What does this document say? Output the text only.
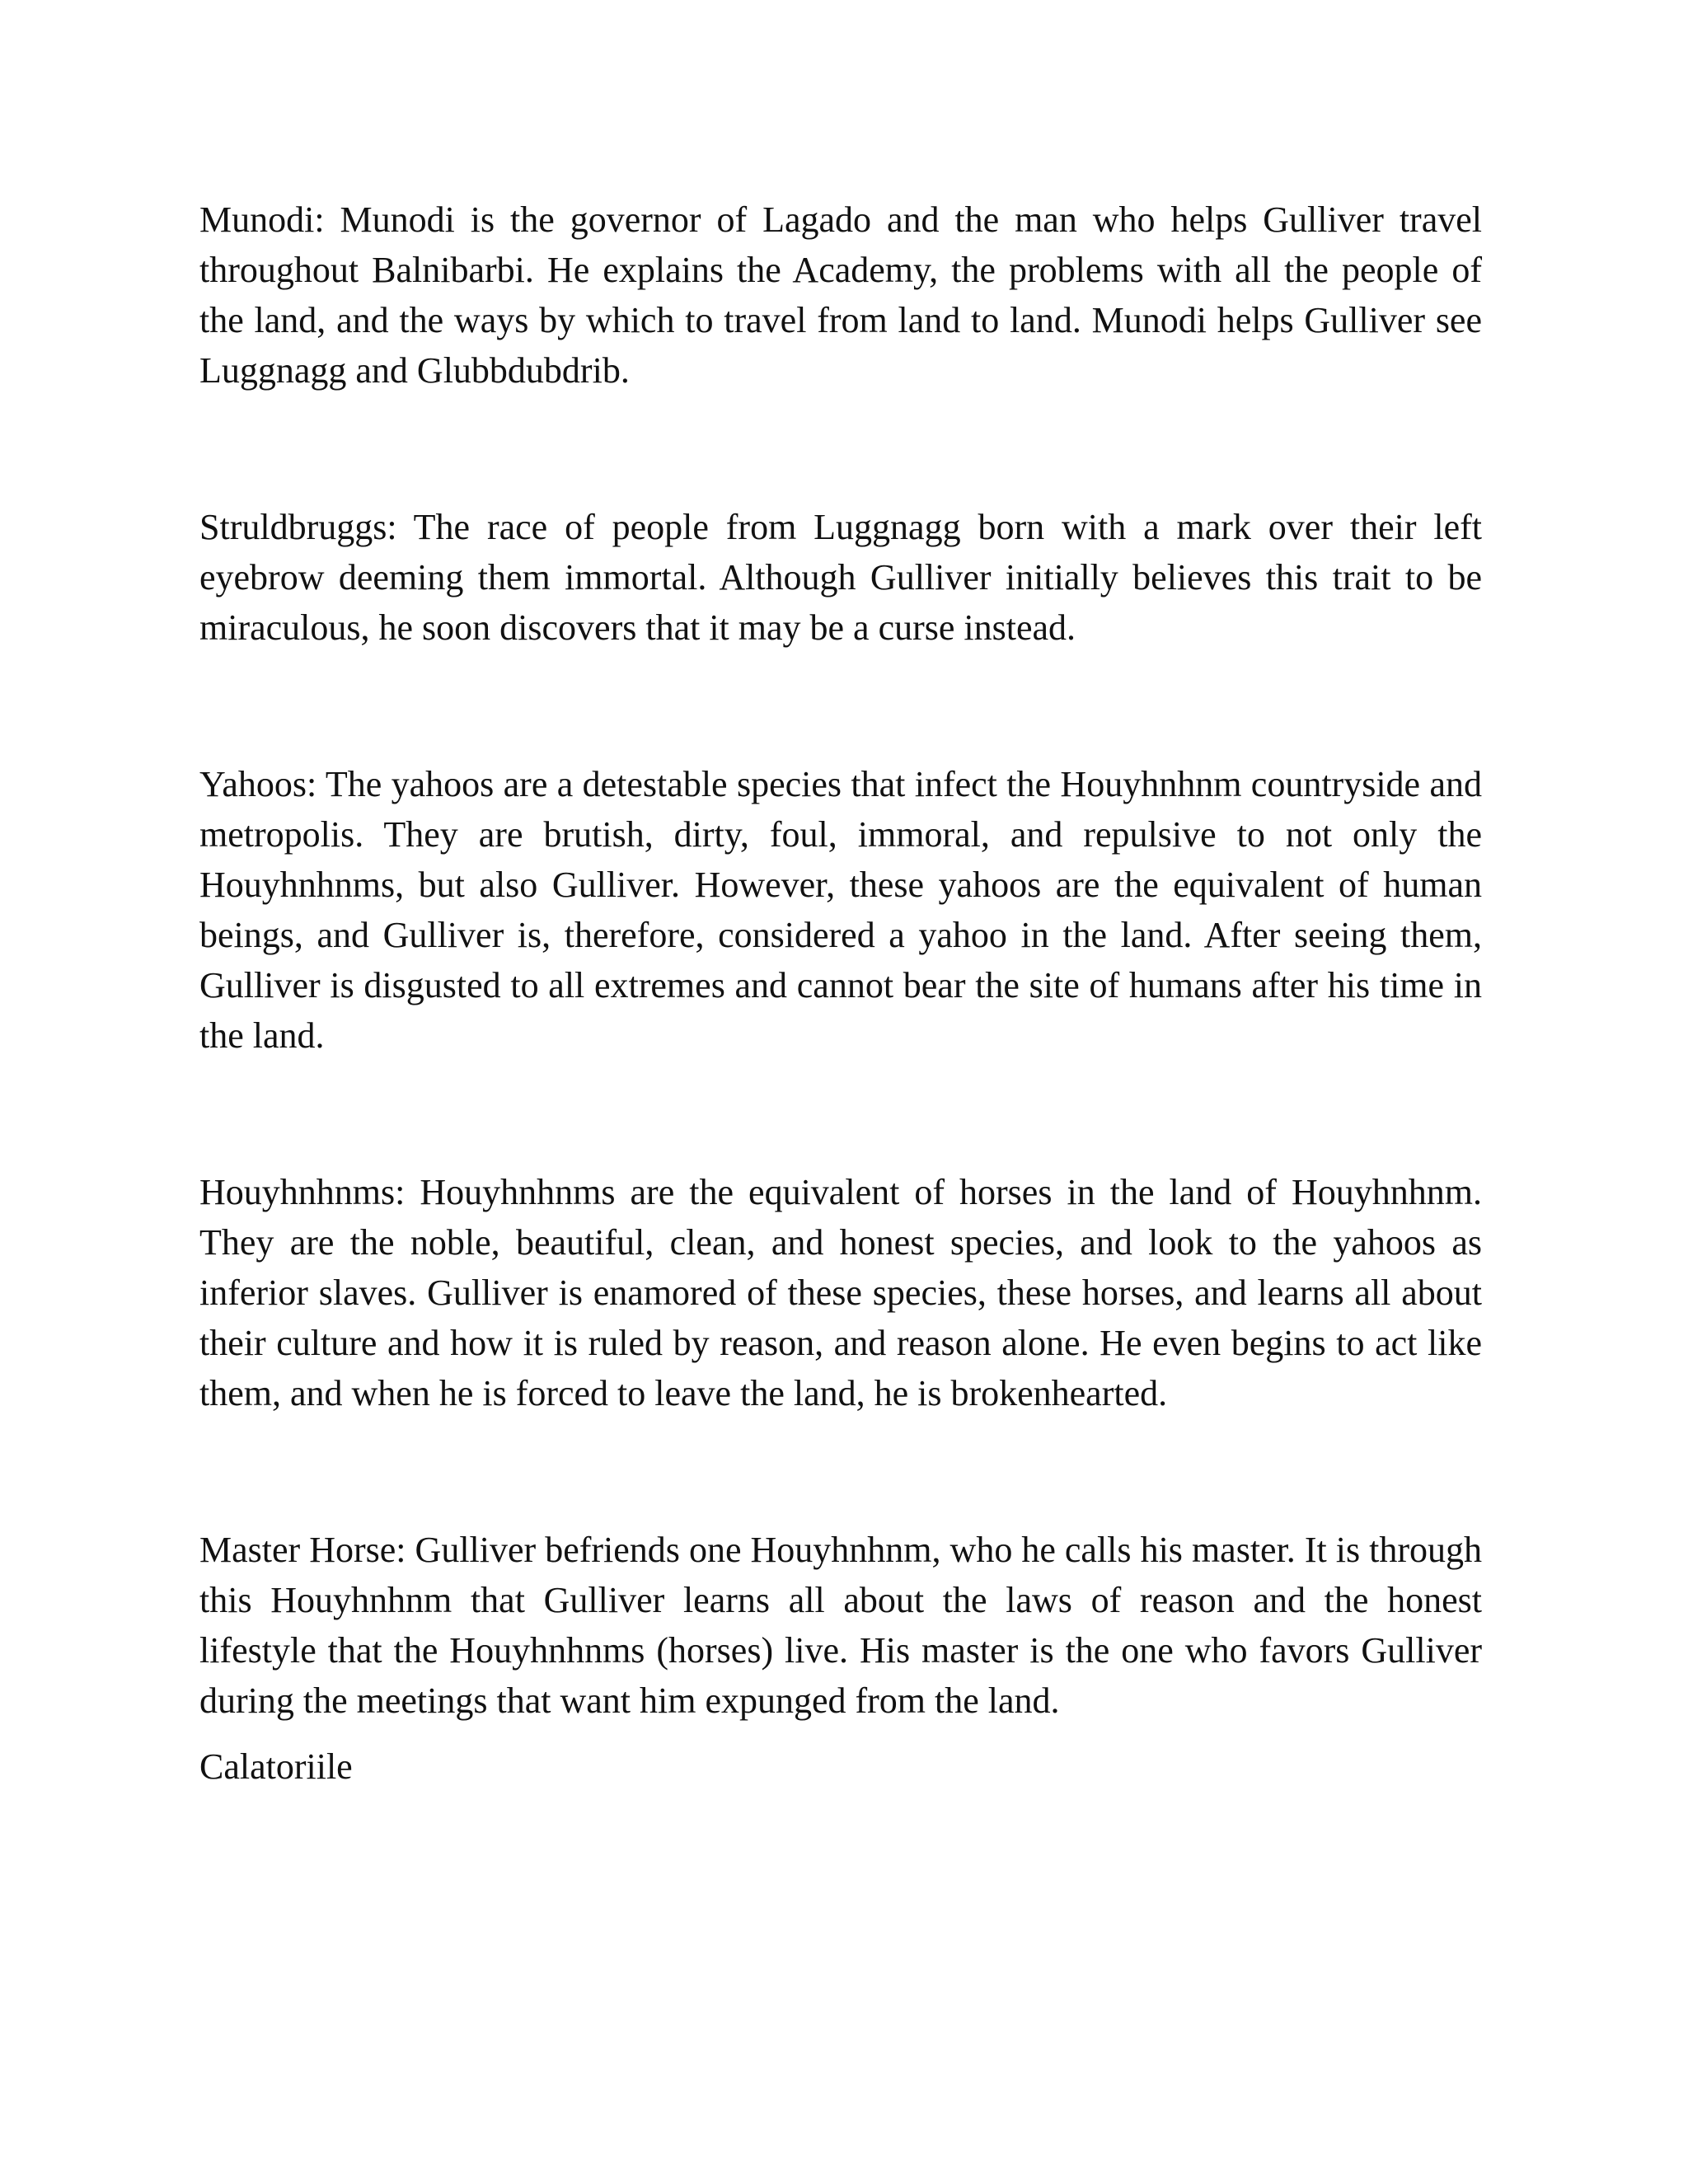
Munodi: Munodi is the governor of Lagado and the man who helps Gulliver travel throughout Balnibarbi. He explains the Academy, the problems with all the people of the land, and the ways by which to travel from land to land. Munodi helps Gulliver see Luggnagg and Glubbdubdrib.

Struldbruggs: The race of people from Luggnagg born with a mark over their left eyebrow deeming them immortal. Although Gulliver initially believes this trait to be miraculous, he soon discovers that it may be a curse instead.

Yahoos: The yahoos are a detestable species that infect the Houyhnhnm countryside and metropolis. They are brutish, dirty, foul, immoral, and repulsive to not only the Houyhnhnms, but also Gulliver. However, these yahoos are the equivalent of human beings, and Gulliver is, therefore, considered a yahoo in the land. After seeing them, Gulliver is disgusted to all extremes and cannot bear the site of humans after his time in the land.

Houyhnhnms: Houyhnhnms are the equivalent of horses in the land of Houyhnhnm. They are the noble, beautiful, clean, and honest species, and look to the yahoos as inferior slaves. Gulliver is enamored of these species, these horses, and learns all about their culture and how it is ruled by reason, and reason alone. He even begins to act like them, and when he is forced to leave the land, he is brokenhearted.

Master Horse: Gulliver befriends one Houyhnhnm, who he calls his master. It is through this Houyhnhnm that Gulliver learns all about the laws of reason and the honest lifestyle that the Houyhnhnms (horses) live. His master is the one who favors Gulliver during the meetings that want him expunged from the land.

Calatoriile
